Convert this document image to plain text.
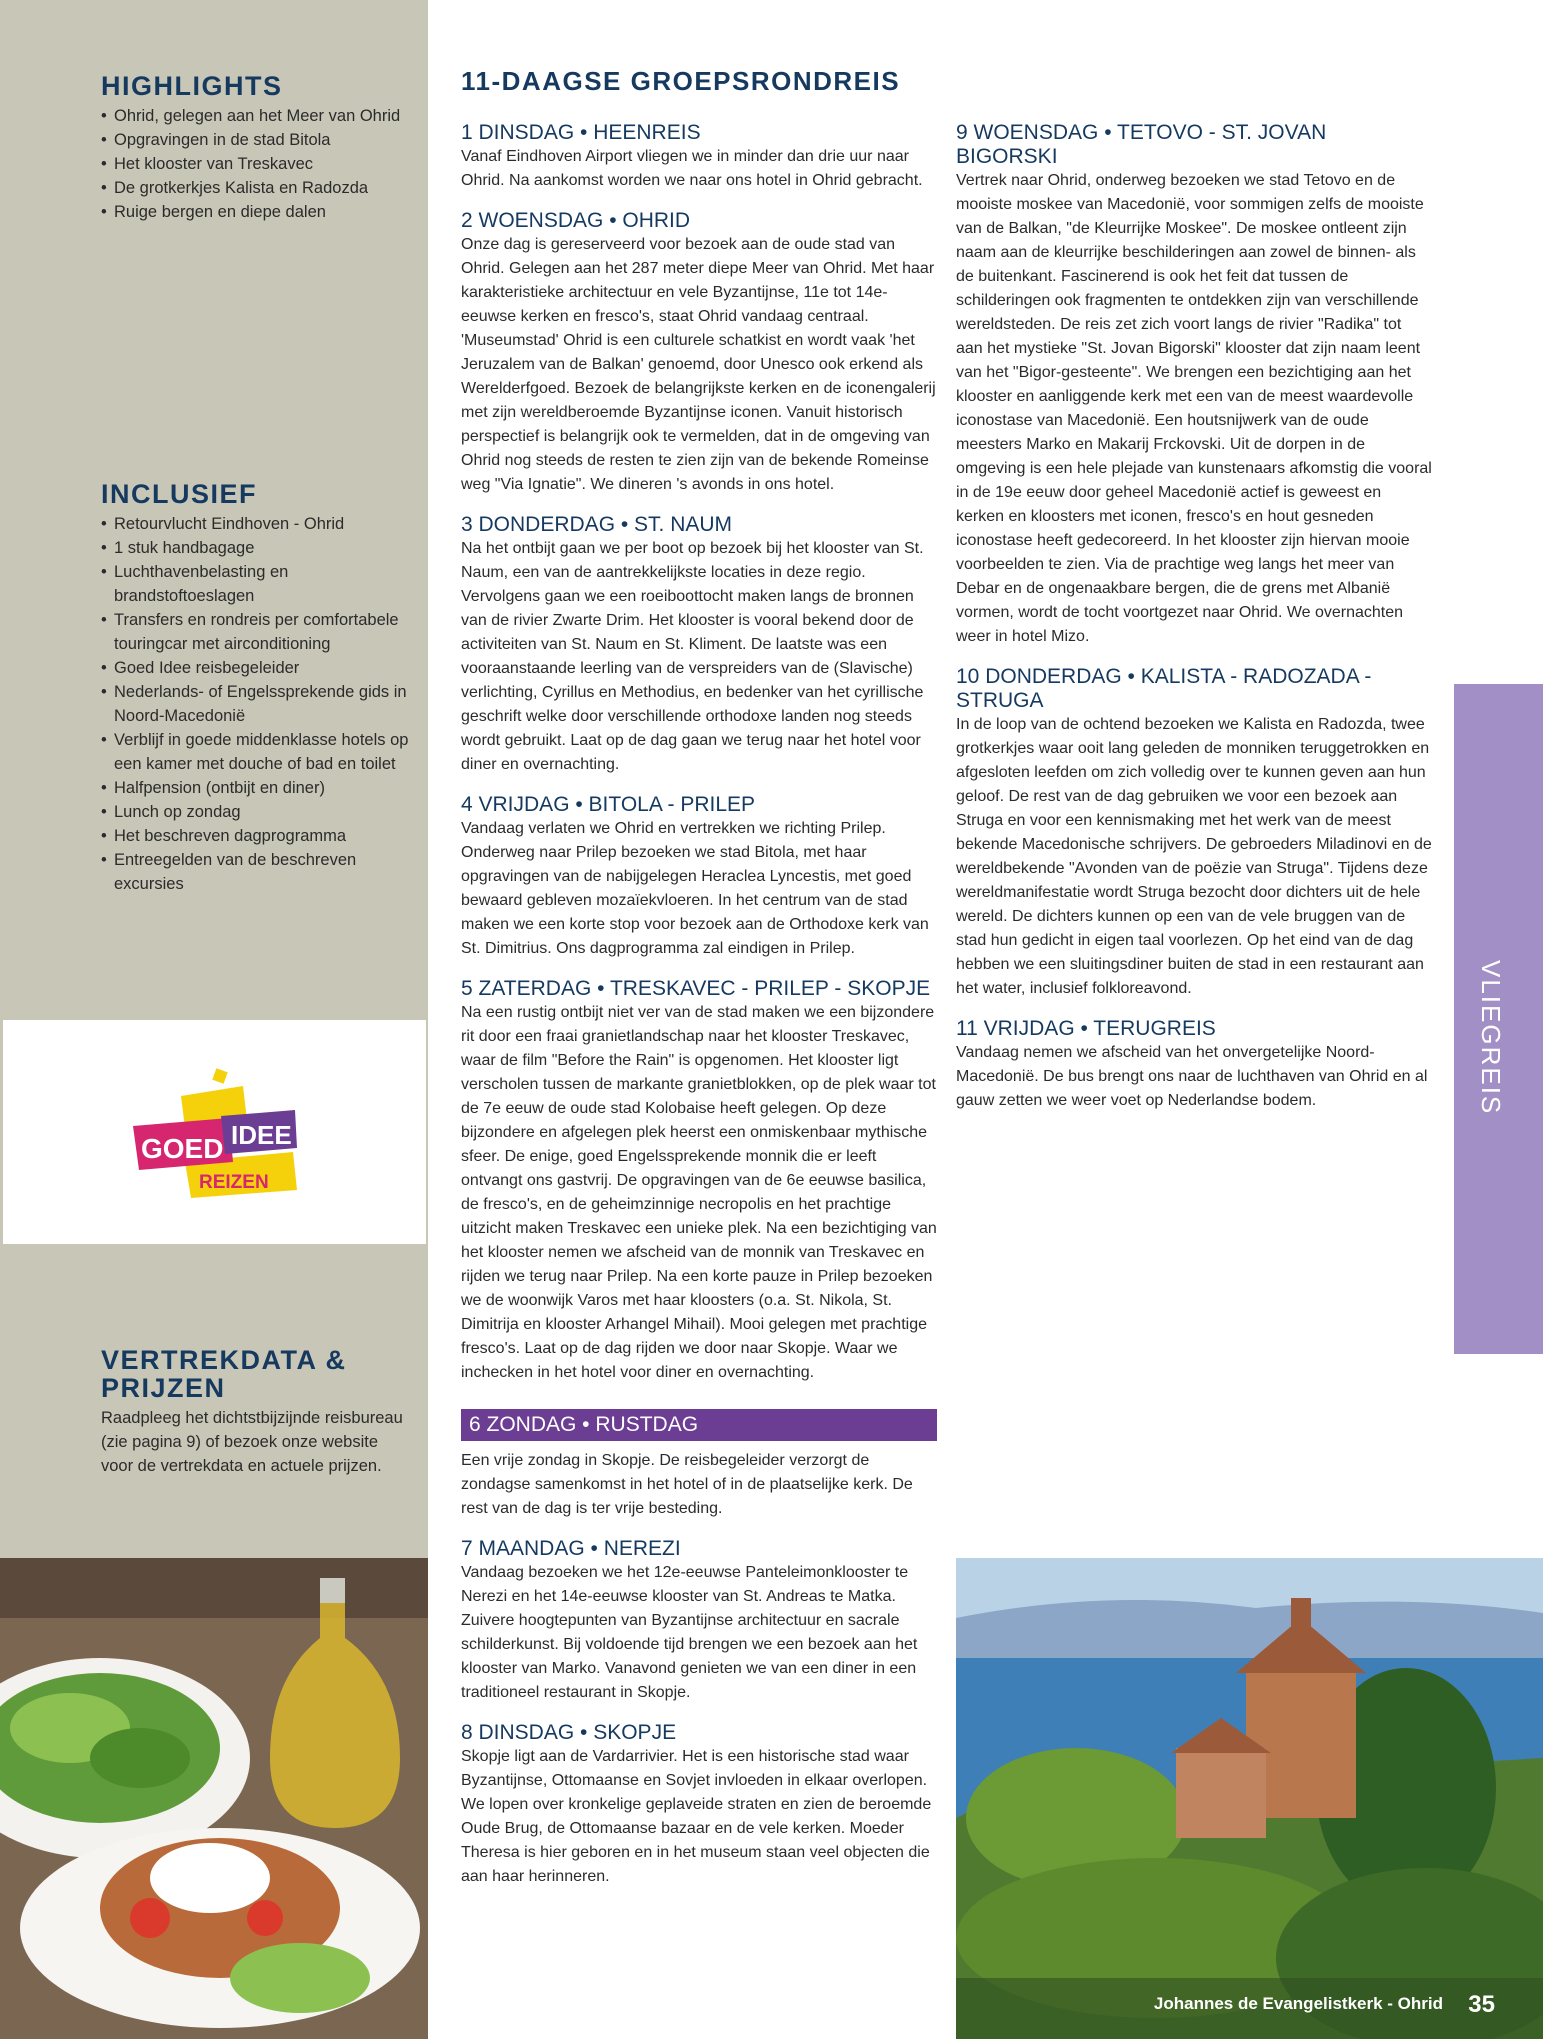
HIGHLIGHTS
• Ohrid, gelegen aan het Meer van Ohrid
• Opgravingen in de stad Bitola
• Het klooster van Treskavec
• De grotkerkjes Kalista en Radozda
• Ruige bergen en diepe dalen
INCLUSIEF
• Retourvlucht Eindhoven - Ohrid
• 1 stuk handbagage
• Luchthavenbelasting en brandstoftoeslagen
• Transfers en rondreis per comfortabele touringcar met airconditioning
• Goed Idee reisbegeleider
• Nederlands- of Engelssprekende gids in Noord-Macedonië
• Verblijf in goede middenklasse hotels op een kamer met douche of bad en toilet
• Halfpension (ontbijt en diner)
• Lunch op zondag
• Het beschreven dagprogramma
• Entreegelden van de beschreven excursies
VERTREKDATA &
PRIJZEN

Raadpleeg het dichtstbijzijnde reisbureau (zie pagina 9) of bezoek onze website voor de vertrekdata en actuele prijzen.

GOED IDEE
REIZEN
11-DAAGSE GROEPSRONDREIS
1 DINSDAG • HEENREIS

Vanaf Eindhoven Airport vliegen we in minder dan drie uur naar Ohrid. Na aankomst worden we naar ons hotel in Ohrid gebracht.

2 WOENSDAG • OHRID

Onze dag is gereserveerd voor bezoek aan de oude stad van Ohrid. Gelegen aan het 287 meter diepe Meer van Ohrid. Met haar karakteristieke architectuur en vele Byzantijnse, 11e tot 14e-eeuwse kerken en fresco's, staat Ohrid vandaag centraal. 'Museumstad' Ohrid is een culturele schatkist en wordt vaak 'het Jeruzalem van de Balkan' genoemd, door Unesco ook erkend als Werelderfgoed. Bezoek de belangrijkste kerken en de iconengalerij met zijn wereldberoemde Byzantijnse iconen. Vanuit historisch perspectief is belangrijk ook te vermelden, dat in de omgeving van Ohrid nog steeds de resten te zien zijn van de bekende Romeinse weg "Via Ignatie". We dineren 's avonds in ons hotel.

3 DONDERDAG • ST. NAUM

Na het ontbijt gaan we per boot op bezoek bij het klooster van St. Naum, een van de aantrekkelijkste locaties in deze regio. Vervolgens gaan we een roeiboottocht maken langs de bronnen van de rivier Zwarte Drim. Het klooster is vooral bekend door de activiteiten van St. Naum en St. Kliment. De laatste was een vooraanstaande leerling van de verspreiders van de (Slavische) verlichting, Cyrillus en Methodius, en bedenker van het cyrillische geschrift welke door verschillende orthodoxe landen nog steeds wordt gebruikt. Laat op de dag gaan we terug naar het hotel voor diner en overnachting.

4 VRIJDAG • BITOLA - PRILEP

Vandaag verlaten we Ohrid en vertrekken we richting Prilep. Onderweg naar Prilep bezoeken we stad Bitola, met haar opgravingen van de nabijgelegen Heraclea Lyncestis, met goed bewaard gebleven mozaïekvloeren. In het centrum van de stad maken we een korte stop voor bezoek aan de Orthodoxe kerk van St. Dimitrius. Ons dagprogramma zal eindigen in Prilep.

5 ZATERDAG • TRESKAVEC - PRILEP - SKOPJE

Na een rustig ontbijt niet ver van de stad maken we een bijzondere rit door een fraai granietlandschap naar het klooster Treskavec, waar de film "Before the Rain" is opgenomen. Het klooster ligt verscholen tussen de markante granietblokken, op de plek waar tot de 7e eeuw de oude stad Kolobaise heeft gelegen. Op deze bijzondere en afgelegen plek heerst een onmiskenbaar mythische sfeer. De enige, goed Engelssprekende monnik die er leeft ontvangt ons gastvrij. De opgravingen van de 6e eeuwse basilica, de fresco's, en de geheimzinnige necropolis en het prachtige uitzicht maken Treskavec een unieke plek. Na een bezichtiging van het klooster nemen we afscheid van de monnik van Treskavec en rijden we terug naar Prilep. Na een korte pauze in Prilep bezoeken we de woonwijk Varos met haar kloosters (o.a. St. Nikola, St. Dimitrija en klooster Arhangel Mihail). Mooi gelegen met prachtige fresco's. Laat op de dag rijden we door naar Skopje. Waar we inchecken in het hotel voor diner en overnachting.

6 ZONDAG • RUSTDAG

Een vrije zondag in Skopje. De reisbegeleider verzorgt de zondagse samenkomst in het hotel of in de plaatselijke kerk. De rest van de dag is ter vrije besteding.

7 MAANDAG • NEREZI

Vandaag bezoeken we het 12e-eeuwse Panteleimonklooster te Nerezi en het 14e-eeuwse klooster van St. Andreas te Matka. Zuivere hoogtepunten van Byzantijnse architectuur en sacrale schilderkunst. Bij voldoende tijd brengen we een bezoek aan het klooster van Marko. Vanavond genieten we van een diner in een traditioneel restaurant in Skopje.

8 DINSDAG • SKOPJE

Skopje ligt aan de Vardarrivier. Het is een historische stad waar Byzantijnse, Ottomaanse en Sovjet invloeden in elkaar overlopen. We lopen over kronkelige geplaveide straten en zien de beroemde Oude Brug, de Ottomaanse bazaar en de vele kerken. Moeder Theresa is hier geboren en in het museum staan veel objecten die aan haar herinneren.

9 WOENSDAG • TETOVO - ST. JOVAN BIGORSKI

Vertrek naar Ohrid, onderweg bezoeken we stad Tetovo en de mooiste moskee van Macedonië, voor sommigen zelfs de mooiste van de Balkan, "de Kleurrijke Moskee". De moskee ontleent zijn naam aan de kleurrijke beschilderingen aan zowel de binnen- als de buitenkant. Fascinerend is ook het feit dat tussen de schilderingen ook fragmenten te ontdekken zijn van verschillende wereldsteden. De reis zet zich voort langs de rivier "Radika" tot aan het mystieke "St. Jovan Bigorski" klooster dat zijn naam leent van het "Bigor-gesteente". We brengen een bezichtiging aan het klooster en aanliggende kerk met een van de meest waardevolle iconostase van Macedonië. Een houtsnijwerk van de oude meesters Marko en Makarij Frckovski. Uit de dorpen in de omgeving is een hele plejade van kunstenaars afkomstig die vooral in de 19e eeuw door geheel Macedonië actief is geweest en kerken en kloosters met iconen, fresco's en hout gesneden iconostase heeft gedecoreerd. In het klooster zijn hiervan mooie voorbeelden te zien. Via de prachtige weg langs het meer van Debar en de ongenaakbare bergen, die de grens met Albanië vormen, wordt de tocht voortgezet naar Ohrid. We overnachten weer in hotel Mizo.

10 DONDERDAG • KALISTA - RADOZADA - STRUGA

In de loop van de ochtend bezoeken we Kalista en Radozda, twee grotkerkjes waar ooit lang geleden de monniken teruggetrokken en afgesloten leefden om zich volledig over te kunnen geven aan hun geloof. De rest van de dag gebruiken we voor een bezoek aan Struga en voor een kennismaking met het werk van de meest bekende Macedonische schrijvers. De gebroeders Miladinovi en de wereldbekende "Avonden van de poëzie van Struga". Tijdens deze wereldmanifestatie wordt Struga bezocht door dichters uit de hele wereld. De dichters kunnen op een van de vele bruggen van de stad hun gedicht in eigen taal voorlezen. Op het eind van de dag hebben we een sluitingsdiner buiten de stad in een restaurant aan het water, inclusief folkloreavond.

11 VRIJDAG • TERUGREIS

Vandaag nemen we afscheid van het onvergetelijke Noord-Macedonië. De bus brengt ons naar de luchthaven van Ohrid en al gauw zetten we weer voet op Nederlandse bodem.	VLIEGREIS
Johannes de Evangelistkerk - Ohrid 35
